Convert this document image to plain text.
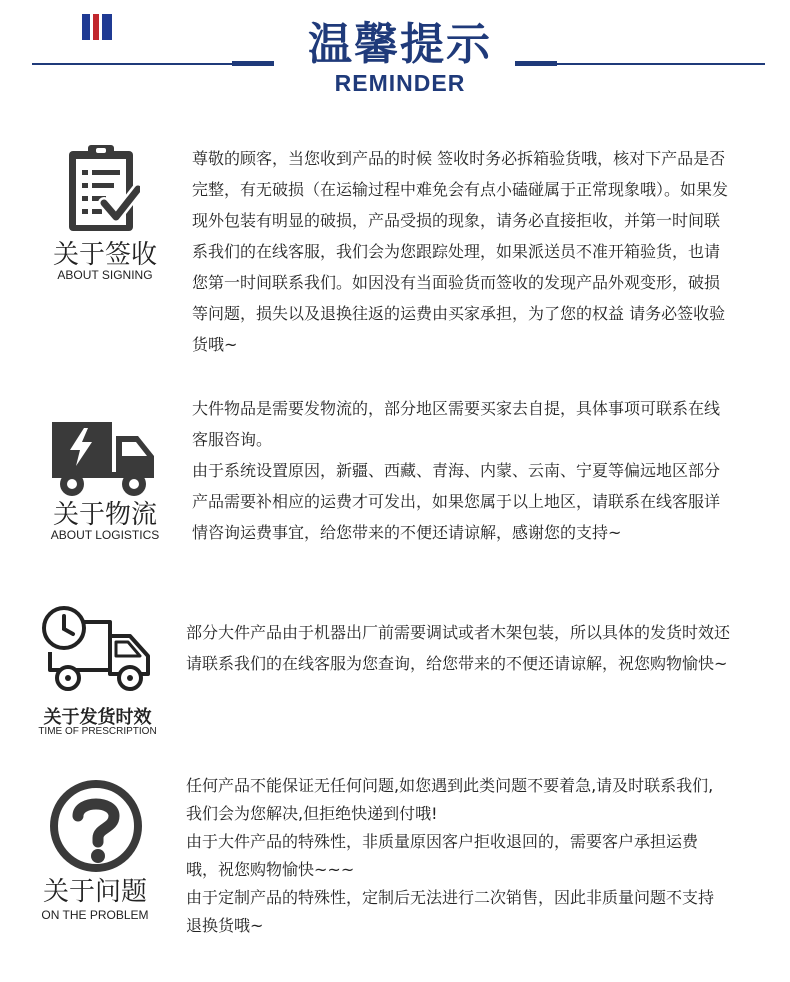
温馨提示
REMINDER
关于签收
ABOUT SIGNING

尊敬的顾客，当您收到产品的时候 签收时务必拆箱验货哦，核对下产品是否完整，有无破损（在运输过程中难免会有点小磕碰属于正常现象哦）。如果发现外包装有明显的破损，产品受损的现象，请务必直接拒收，并第一时间联系我们的在线客服，我们会为您跟踪处理，如果派送员不准开箱验货，也请您第一时间联系我们。如因没有当面验货而签收的发现产品外观变形，破损等问题，损失以及退换往返的运费由买家承担，为了您的权益 请务必签收验货哦~

关于物流
ABOUT LOGISTICS

大件物品是需要发物流的，部分地区需要买家去自提，具体事项可联系在线客服咨询。

由于系统设置原因，新疆、西藏、青海、内蒙、云南、宁夏等偏远地区部分产品需要补相应的运费才可发出，如果您属于以上地区，请联系在线客服详情咨询运费事宜，给您带来的不便还请谅解，感谢您的支持~

关于发货时效
TIME OF PRESCRIPTION

部分大件产品由于机器出厂前需要调试或者木架包装，所以具体的发货时效还请联系我们的在线客服为您查询，给您带来的不便还请谅解，祝您购物愉快~

关于问题
ON THE PROBLEM

任何产品不能保证无任何问题,如您遇到此类问题不要着急,请及时联系我们,我们会为您解决,但拒绝快递到付哦!

由于大件产品的特殊性，非质量原因客户拒收退回的，需要客户承担运费哦，祝您购物愉快~~~

由于定制产品的特殊性，定制后无法进行二次销售，因此非质量问题不支持退换货哦~
